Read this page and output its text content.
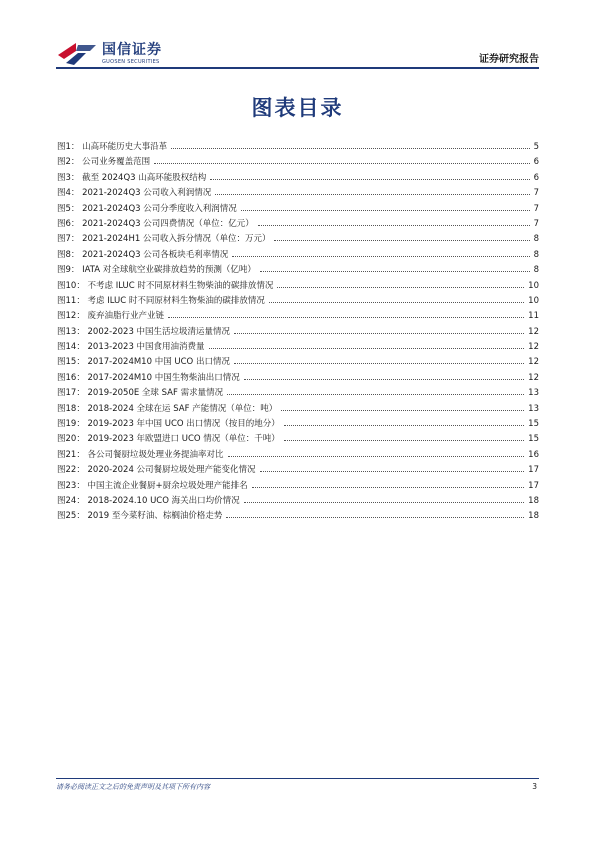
国信证券
GUOSEN SECURITIES	证券研究报告
图表目录
图1： 山高环能历史大事沿革	5
图2： 公司业务覆盖范围	6
图3： 截至 2024Q3 山高环能股权结构	6
图4： 2021-2024Q3 公司收入利润情况	7
图5： 2021-2024Q3 公司分季度收入利润情况	7
图6： 2021-2024Q3 公司四费情况（单位：亿元）	7
图7： 2021-2024H1 公司收入拆分情况（单位：万元）	8
图8： 2021-2024Q3 公司各板块毛利率情况	8
图9： IATA 对全球航空业碳排放趋势的预测（亿吨）	8
图10： 不考虑 ILUC 时不同原材料生物柴油的碳排放情况	10
图11： 考虑 ILUC 时不同原材料生物柴油的碳排放情况	10
图12： 废弃油脂行业产业链	11
图13： 2002-2023 中国生活垃圾清运量情况	12
图14： 2013-2023 中国食用油消费量	12
图15： 2017-2024M10 中国 UCO 出口情况	12
图16： 2017-2024M10 中国生物柴油出口情况	12
图17： 2019-2050E 全球 SAF 需求量情况	13
图18： 2018-2024 全球在运 SAF 产能情况（单位：吨）	13
图19： 2019-2023 年中国 UCO 出口情况（按目的地分）	15
图20： 2019-2023 年欧盟进口 UCO 情况（单位：千吨）	15
图21： 各公司餐厨垃圾处理业务提油率对比	16
图22： 2020-2024 公司餐厨垃圾处理产能变化情况	17
图23： 中国主流企业餐厨+厨余垃圾处理产能排名	17
图24： 2018-2024.10 UCO 海关出口均价情况	18
图25： 2019 至今菜籽油、棕榈油价格走势	18
请务必阅读正文之后的免责声明及其项下所有内容	3
